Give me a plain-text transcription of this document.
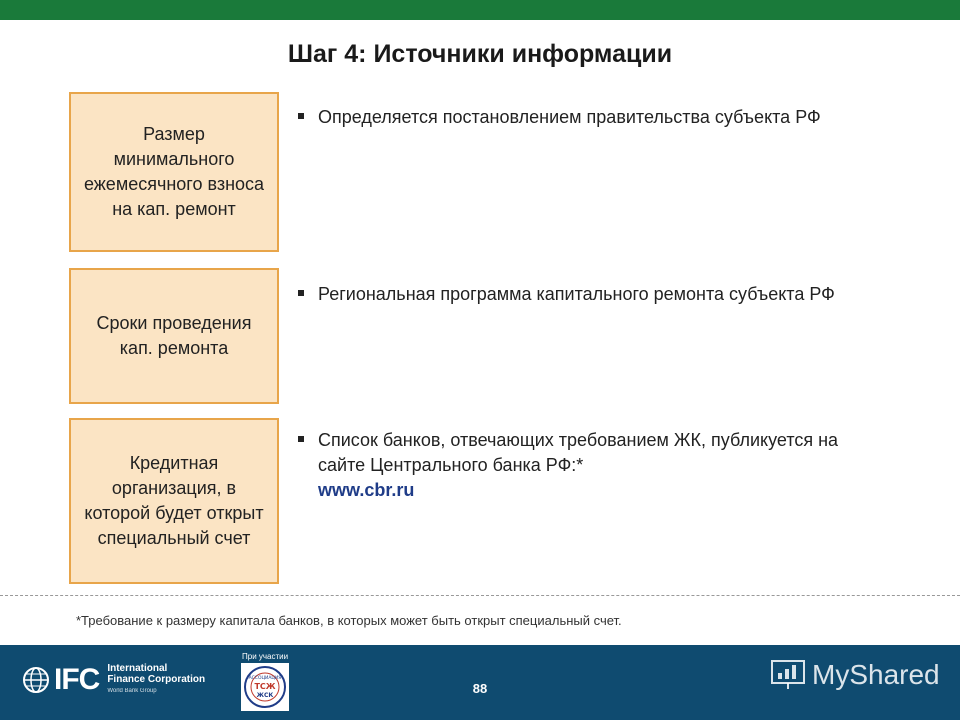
Шаг 4: Источники информации
Размер минимального ежемесячного взноса на кап. ремонт
Определяется постановлением правительства субъекта РФ
Сроки проведения кап. ремонта
Региональная программа капитального ремонта субъекта РФ
Кредитная организация, в которой будет открыт специальный счет
Список банков, отвечающих требованием ЖК, публикуется на сайте Центрального банка РФ:*
www.cbr.ru
*Требование к размеру капитала банков, в которых может быть открыт специальный счет.
IFC International
Finance Corporation
World Bank Group
При участии
АССОЦИАЦИЯ
ТСЖ
ЖСК	88	MyShared
